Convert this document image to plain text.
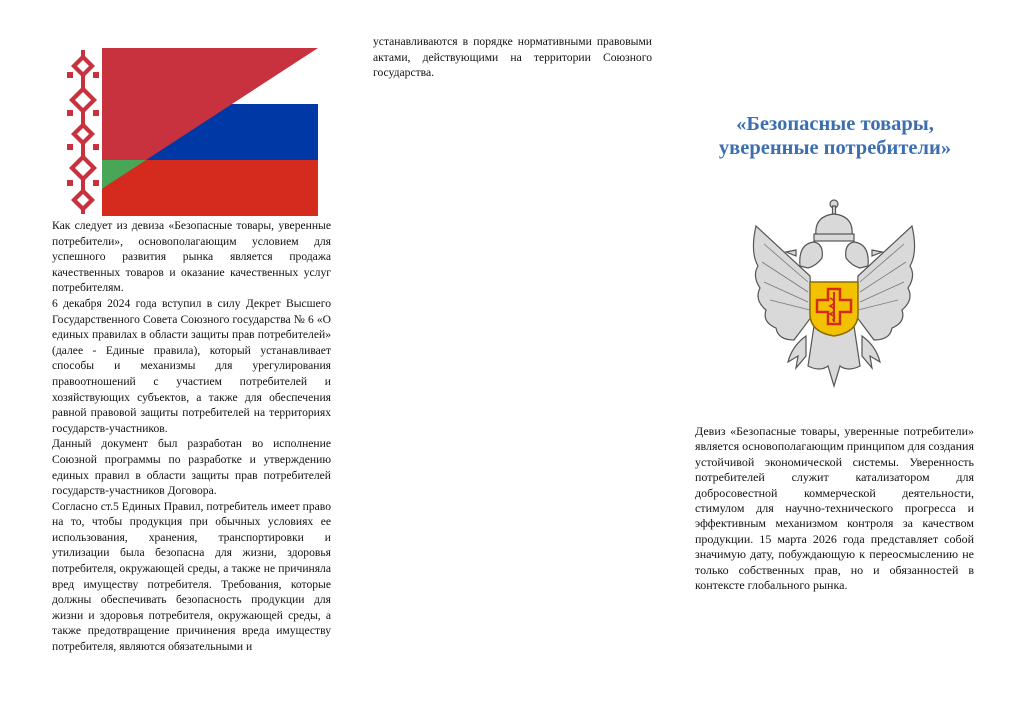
Как следует из девиза «Безопасные товары, уверенные потребители», основополагающим условием для успешного развития рынка является продажа качественных товаров и оказание качественных услуг потребителям.

6 декабря 2024 года вступил в силу Декрет Высшего Государственного Совета Союзного государства № 6 «О единых правилах в области защиты прав потребителей» (далее - Единые правила), который устанавливает способы и механизмы для урегулирования правоотношений с участием потребителей и хозяйствующих субъектов, а также для обеспечения равной правовой защиты потребителей на территориях государств-участников.

Данный документ был разработан во исполнение Союзной программы по разработке и утверждению единых правил в области защиты прав потребителей государств-участников Договора.

Согласно ст.5 Единых Правил, потребитель имеет право на то, чтобы продукция при обычных условиях ее использования, хранения, транспортировки и утилизации была безопасна для жизни, здоровья потребителя, окружающей среды, а также не причиняла вред имуществу потребителя. Требования, которые должны обеспечивать безопасность продукции для жизни и здоровья потребителя, окружающей среды, а также предотвращение причинения вреда имуществу потребителя, являются обязательными и

устанавливаются в порядке нормативными правовыми актами, действующими на территории Союзного государства.

«Безопасные товары,
уверенные потребители»

Девиз «Безопасные товары, уверенные потребители» является основополагающим принципом для создания устойчивой экономической системы. Уверенность потребителей служит катализатором для добросовестной коммерческой деятельности, стимулом для научно-технического прогресса и эффективным механизмом контроля за качеством продукции. 15 марта 2026 года представляет собой значимую дату, побуждающую к переосмыслению не только собственных прав, но и обязанностей в контексте глобального рынка.
